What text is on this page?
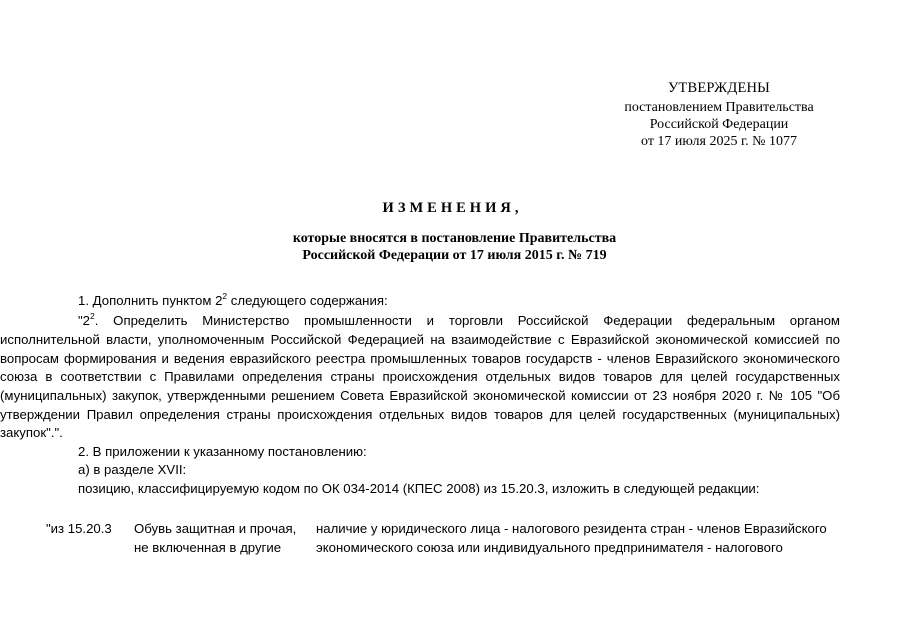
УТВЕРЖДЕНЫ
постановлением Правительства
Российской Федерации
от 17 июля 2025 г. № 1077
ИЗМЕНЕНИЯ,
которые вносятся в постановление Правительства
Российской Федерации от 17 июля 2015 г. № 719

1. Дополнить пунктом $2^2$ следующего содержания:

"$2^2$. Определить Министерство промышленности и торговли Российской Федерации федеральным органом

исполнительной власти, уполномоченным Российской Федерацией на взаимодействие с Евразийской экономической комиссией по вопросам формирования и ведения евразийского реестра промышленных товаров государств - членов Евразийского экономического союза в соответствии с Правилами определения страны происхождения отдельных видов товаров для целей государственных (муниципальных) закупок, утвержденными решением Совета Евразийской экономической комиссии от 23 ноября 2020 г. № 105 "Об утверждении Правил определения страны происхождения отдельных видов товаров для целей государственных (муниципальных) закупок".".

2. В приложении к указанному постановлению:

а) в разделе XVII:

позицию, классифицируемую кодом по ОК 034-2014 (КПЕС 2008) из 15.20.3, изложить в следующей редакции:

"из 15.20.3	Обувь защитная и прочая,	наличие у юридического лица - налогового резидента стран - членов Евразийского
не включенная в другие	экономического союза или индивидуального предпринимателя - налогового
